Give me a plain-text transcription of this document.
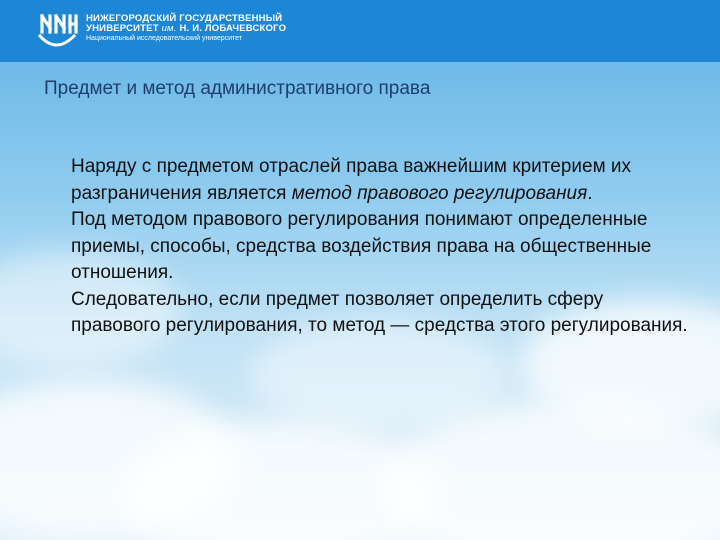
НИЖЕГОРОДСКИЙ ГОСУДАРСТВЕННЫЙ
УНИВЕРСИТЕТ им. Н. И. ЛОБАЧЕВСКОГО
Национальный исследовательский университет
Предмет и метод административного права

Наряду с предметом отраслей права важнейшим критерием их разграничения является метод правового регулирования.

Под методом правового регулирования понимают определенные приемы, способы, средства воздействия права на общественные отношения.

Следовательно, если предмет позволяет определить сферу правового регулирования, то метод — средства этого регулирования.
